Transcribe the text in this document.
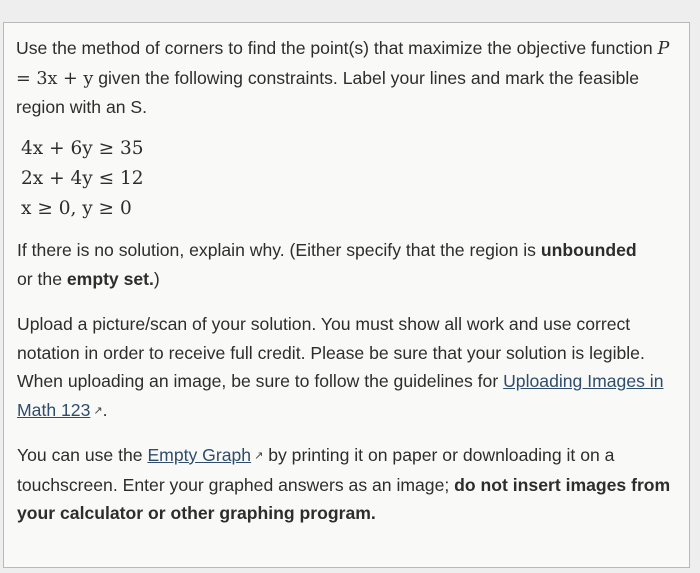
Use the method of corners to find the point(s) that maximize the objective function P = 3x + y given the following constraints. Label your lines and mark the feasible region with an S.

4x + 6y ≥ 35
2x + 4y ≤ 12
x ≥ 0, y ≥ 0

If there is no solution, explain why. (Either specify that the region is unbounded or the empty set.)

Upload a picture/scan of your solution. You must show all work and use correct notation in order to receive full credit. Please be sure that your solution is legible. When uploading an image, be sure to follow the guidelines for Uploading Images in Math 123 ↗.

You can use the Empty Graph ↗ by printing it on paper or downloading it on a touchscreen. Enter your graphed answers as an image; do not insert images from your calculator or other graphing program.
